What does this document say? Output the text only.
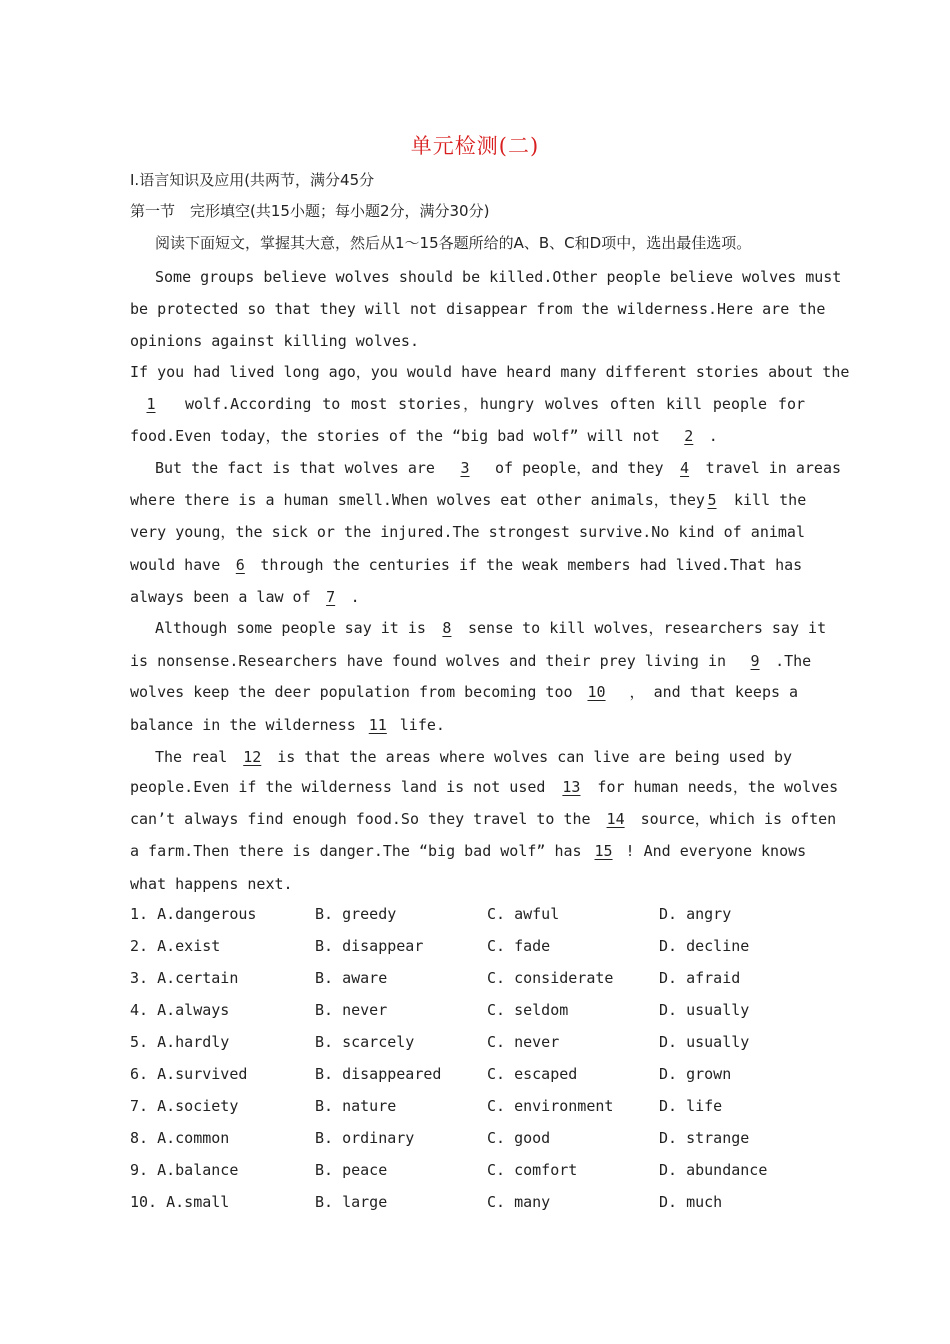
单元检测(二)
Ⅰ.语言知识及应用(共两节，满分45分
第一节　完形填空(共15小题；每小题2分，满分30分)
阅读下面短文，掌握其大意，然后从1～15各题所给的A、B、C和D项中，选出最佳选项。
Some groups believe wolves should be killed.Other people believe wolves must
be protected so that they will not disappear from the wilderness.Here are the
opinions against killing wolves.
If you had lived long ago，you would have heard many different stories about the
1 wolf.According to most stories，hungry wolves often kill people for
food.Even today，the stories of the “big bad wolf” will not 2 .
But the fact is that wolves are 3 of people，and they 4 travel in areas
where there is a human smell.When wolves eat other animals，they 5 kill the
very young，the sick or the injured.The strongest survive.No kind of animal
would have 6 through the centuries if the weak members had lived.That has
always been a law of 7 .
Although some people say it is 8 sense to kill wolves，researchers say it
is nonsense.Researchers have found wolves and their prey living in 9 .The
wolves keep the deer population from becoming too 10 ， and that keeps a
balance in the wilderness 11 life.
The real 12 is that the areas where wolves can live are being used by
people.Even if the wilderness land is not used 13 for human needs，the wolves
can’t always find enough food.So they travel to the 14 source，which is often
a farm.Then there is danger.The “big bad wolf” has 15 ! And everyone knows
what happens next.
1. A.dangerous	B. greedy	C. awful	D. angry
2. A.exist	B. disappear	C. fade	D. decline
3. A.certain	B. aware	C. considerate	D. afraid
4. A.always	B. never	C. seldom	D. usually
5. A.hardly	B. scarcely	C. never	D. usually
6. A.survived	B. disappeared	C. escaped	D. grown
7. A.society	B. nature	C. environment	D. life
8. A.common	B. ordinary	C. good	D. strange
9. A.balance	B. peace	C. comfort	D. abundance
10. A.small	B. large	C. many	D. much
